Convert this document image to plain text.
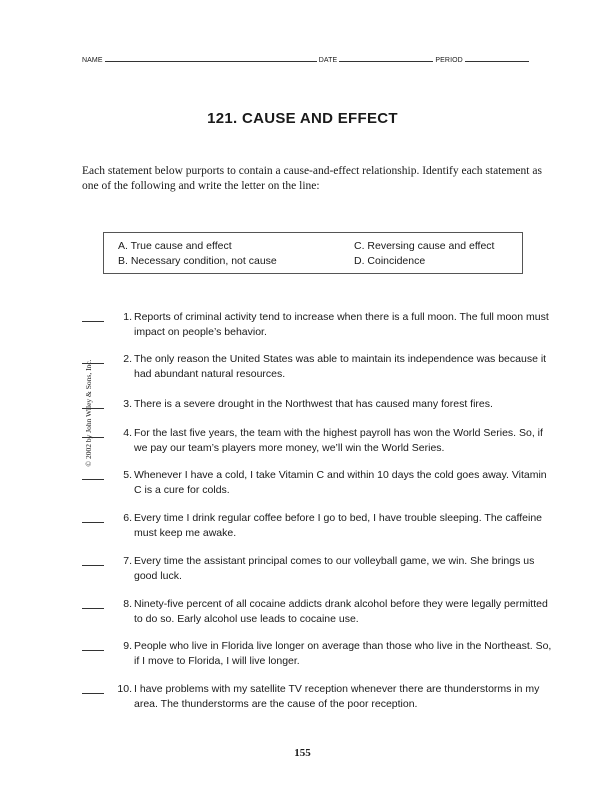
NAME	DATE	PERIOD
121. CAUSE AND EFFECT
Each statement below purports to contain a cause-and-effect relationship. Identify each statement as one of the following and write the letter on the line:
A. True cause and effect
B. Necessary condition, not cause
C. Reversing cause and effect
D. Coincidence
© 2002 by John Wiley & Sons, Inc.
1. Reports of criminal activity tend to increase when there is a full moon. The full moon must impact on people’s behavior.
2. The only reason the United States was able to maintain its independence was because it had abundant natural resources.
3. There is a severe drought in the Northwest that has caused many forest fires.
4. For the last five years, the team with the highest payroll has won the World Series. So, if we pay our team’s players more money, we’ll win the World Series.
5. Whenever I have a cold, I take Vitamin C and within 10 days the cold goes away. Vitamin C is a cure for colds.
6. Every time I drink regular coffee before I go to bed, I have trouble sleeping. The caffeine must keep me awake.
7. Every time the assistant principal comes to our volleyball game, we win. She brings us good luck.
8. Ninety-five percent of all cocaine addicts drank alcohol before they were legally permitted to do so. Early alcohol use leads to cocaine use.
9. People who live in Florida live longer on average than those who live in the Northeast. So, if I move to Florida, I will live longer.
10. I have problems with my satellite TV reception whenever there are thunderstorms in my area. The thunderstorms are the cause of the poor reception.
155
